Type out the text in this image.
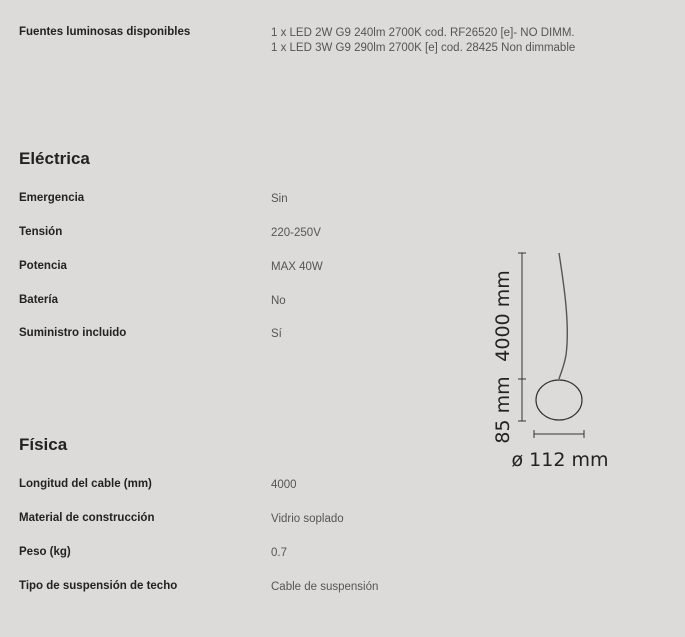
Fuentes luminosas disponibles	1 x LED 2W G9 240lm 2700K cod. RF26520 [e]- NO DIMM.
1 x LED 3W G9 290lm 2700K [e] cod. 28425 Non dimmable
Eléctrica
Emergencia	Sin
Tensión	220-250V
Potencia	MAX 40W
Batería	No
Suministro incluido	Sí
Física
Longitud del cable (mm)	4000
Material de construcción	Vidrio soplado
Peso (kg)	0.7
Tipo de suspensión de techo	Cable de suspensión
4000 mm
85 mm
ø 112 mm
